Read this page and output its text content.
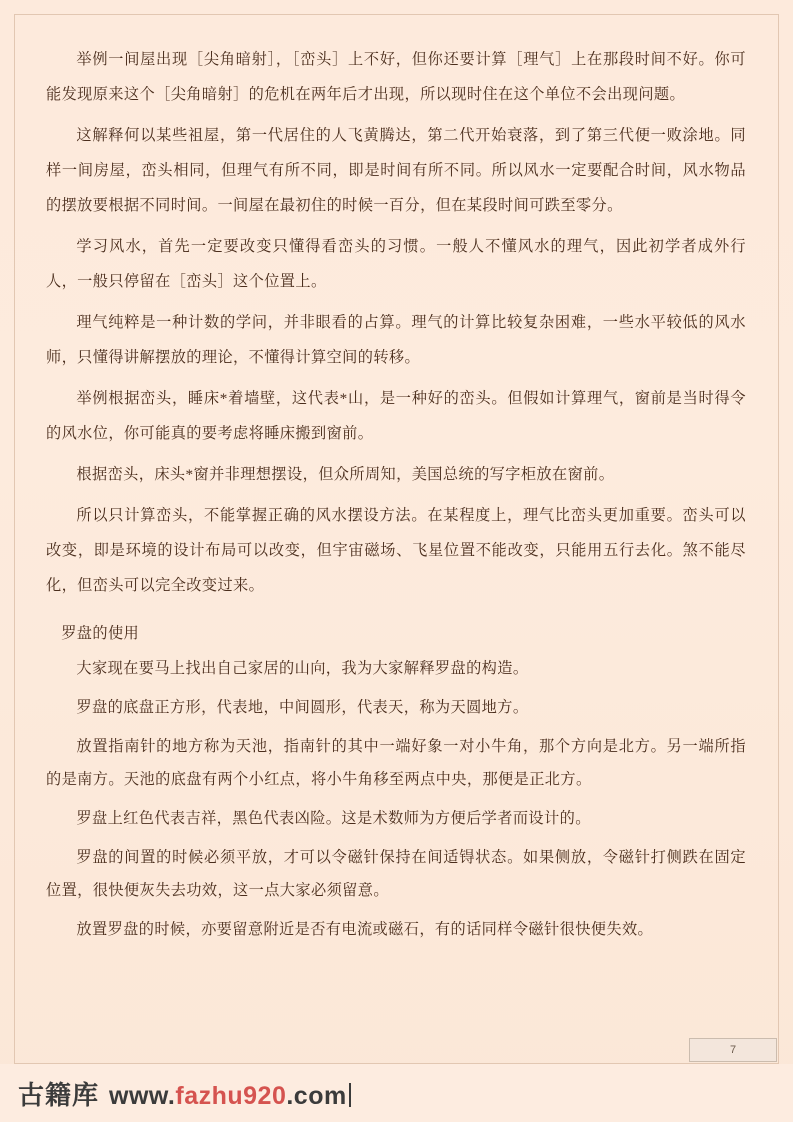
举例一间屋出现［尖角暗射］，［峦头］上不好，但你还要计算［理气］上在那段时间不好。你可能发现原来这个［尖角暗射］的危机在两年后才出现，所以现时住在这个单位不会出现问题。

这解释何以某些祖屋，第一代居住的人飞黄腾达，第二代开始衰落，到了第三代便一败涂地。同样一间房屋，峦头相同，但理气有所不同，即是时间有所不同。所以风水一定要配合时间，风水物品的摆放要根据不同时间。一间屋在最初住的时候一百分，但在某段时间可跌至零分。

学习风水，首先一定要改变只懂得看峦头的习惯。一般人不懂风水的理气，因此初学者成外行人，一般只停留在［峦头］这个位置上。

理气纯粹是一种计数的学问，并非眼看的占算。理气的计算比较复杂困难，一些水平较低的风水师，只懂得讲解摆放的理论，不懂得计算空间的转移。

举例根据峦头，睡床*着墙壁，这代表*山，是一种好的峦头。但假如计算理气，窗前是当时得令的风水位，你可能真的要考虑将睡床搬到窗前。

根据峦头，床头*窗并非理想摆设，但众所周知，美国总统的写字柜放在窗前。

所以只计算峦头，不能掌握正确的风水摆设方法。在某程度上，理气比峦头更加重要。峦头可以改变，即是环境的设计布局可以改变，但宇宙磁场、飞星位置不能改变，只能用五行去化。煞不能尽化，但峦头可以完全改变过来。

罗盘的使用

大家现在要马上找出自己家居的山向，我为大家解释罗盘的构造。

罗盘的底盘正方形，代表地，中间圆形，代表天，称为天圆地方。

放置指南针的地方称为天池，指南针的其中一端好象一对小牛角，那个方向是北方。另一端所指的是南方。天池的底盘有两个小红点，将小牛角移至两点中央，那便是正北方。

罗盘上红色代表吉祥，黑色代表凶险。这是术数师为方便后学者而设计的。

罗盘的间置的时候必须平放，才可以令磁针保持在间适锝状态。如果侧放，令磁针打侧跌在固定位置，很快便灰失去功效，这一点大家必须留意。

放置罗盘的时候，亦要留意附近是否有电流或磁石，有的话同样令磁针很快便失效。

7
古籍库 www.fazhu920.com
